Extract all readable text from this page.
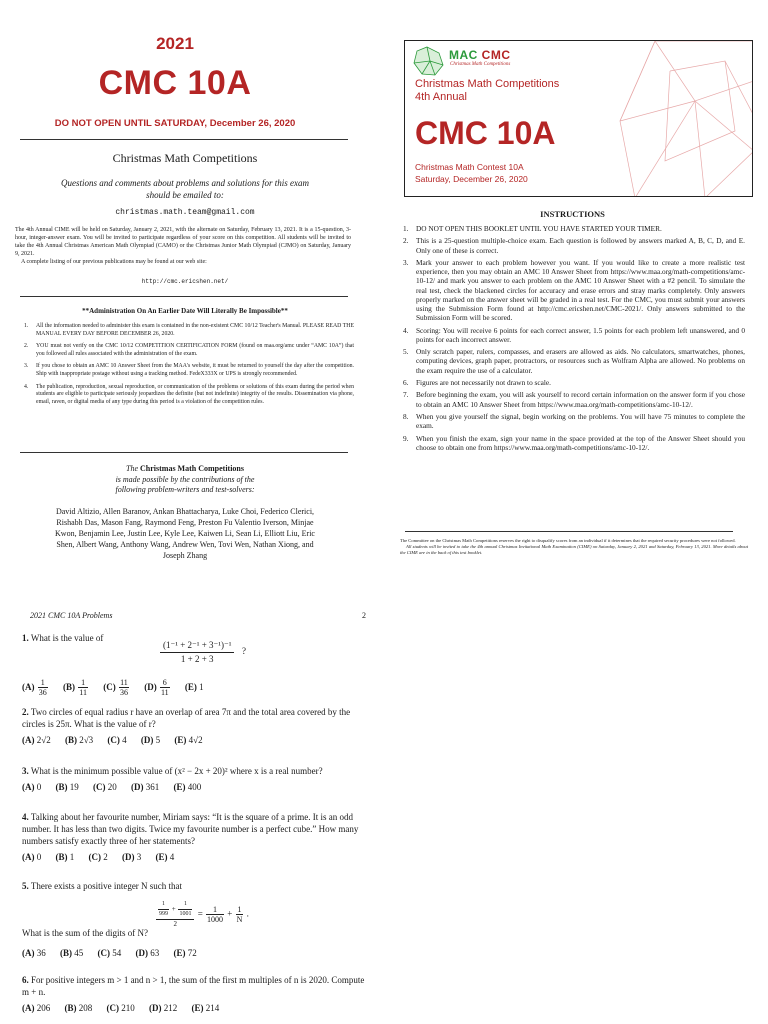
2021
CMC 10A
DO NOT OPEN UNTIL SATURDAY, December 26, 2020
Christmas Math Competitions
Questions and comments about problems and solutions for this exam should be emailed to:
christmas.math.team@gmail.com

The 4th Annual CIME will be held on Saturday, January 2, 2021, with the alternate on Saturday, February 13, 2021. It is a 15-question, 3-hour, integer-answer exam. You will be invited to participate regardless of your score on this competition. All students will be invited to take the 4th Annual Christmas American Math Olympiad (CAMO) or the Christmas Junior Math Olympiad (CJMO) on Saturday, January 9, 2021.

A complete listing of our previous publications may be found at our web site:

http://cmc.ericshen.net/
**Administration On An Earlier Date Will Literally Be Impossible**
1. All the information needed to administer this exam is contained in the non-existent CMC 10/12 Teacher's Manual. PLEASE READ THE MANUAL EVERY DAY BEFORE DECEMBER 26, 2020.
2. YOU must not verify on the CMC 10/12 COMPETITION CERTIFICATION FORM (found on maa.org/amc under “AMC 10A”) that you followed all rules associated with the administration of the exam.
3. If you chose to obtain an AMC 10 Answer Sheet from the MAA's website, it must be returned to yourself the day after the competition. Ship with inappropriate postage without using a tracking method. FedeX333X or UPS is strongly recommended.
4. The publication, reproduction, sexual reproduction, or communication of the problems or solutions of this exam during the period when students are eligible to participate seriously jeopardizes the definite (but not indefinite) integrity of the results. Dissemination via phone, email, raven, or digital media of any type during this period is a violation of the competition rules.
The Christmas Math Competitions
is made possible by the contributions of the
following problem-writers and test-solvers:
David Altizio, Allen Baranov, Ankan Bhattacharya, Luke Choi, Federico Clerici, Rishabh Das, Mason Fang, Raymond Feng, Preston Fu Valentio Iverson, Minjae Kwon, Benjamin Lee, Justin Lee, Kyle Lee, Kaiwen Li, Sean Li, Elliott Liu, Eric Shen, Albert Wang, Anthony Wang, Andrew Wen, Tovi Wen, Nathan Xiong, and Joseph Zhang
MAC CMC
Christmas Math Competitions
Christmas Math Competitions
4th Annual
CMC 10A
Christmas Math Contest 10A
Saturday, December 26, 2020
INSTRUCTIONS
1. DO NOT OPEN THIS BOOKLET UNTIL YOU HAVE STARTED YOUR TIMER.
2. This is a 25-question multiple-choice exam. Each question is followed by answers marked A, B, C, D, and E. Only one of these is correct.
3. Mark your answer to each problem however you want. If you would like to create a more realistic test experience, then you may obtain an AMC 10 Answer Sheet from https://www.maa.org/math-competitions/amc-10-12/ and mark you answer to each problem on the AMC 10 Answer Sheet with a #2 pencil. To simulate the real test, check the blackened circles for accuracy and erase errors and stray marks completely. Only answers properly marked on the answer sheet will be graded in a real test. For the CMC, you must submit your answers using the Submission Form found at http://cmc.ericshen.net/CMC-2021/. Only answers submitted to the Submission Form will be scored.
4. Scoring: You will receive 6 points for each correct answer, 1.5 points for each problem left unanswered, and 0 points for each incorrect answer.
5. Only scratch paper, rulers, compasses, and erasers are allowed as aids. No calculators, smartwatches, phones, computing devices, graph paper, protractors, or resources such as Wolfram Alpha are allowed. No problems on the exam require the use of a calculator.
6. Figures are not necessarily not drawn to scale.
7. Before beginning the exam, you will ask yourself to record certain information on the answer form if you chose to obtain an AMC 10 Answer Sheet from https://www.maa.org/math-competitions/amc-10-12/.
8. When you give yourself the signal, begin working on the problems. You will have 75 minutes to complete the exam.
9. When you finish the exam, sign your name in the space provided at the top of the Answer Sheet should you choose to obtain one from https://www.maa.org/math-competitions/amc-10-12/.

The Committee on the Christmas Math Competitions reserves the right to disqualify scores from an individual if it determines that the required security procedures were not followed.

All students will be invited to take the 4th annual Christmas Invitational Math Examination (CIME) on Saturday, January 2, 2021 and Saturday, February 13, 2021. More details about the CIME are in the back of this test booklet.

2021 CMC 10A Problems	2
1. What is the value of
(1⁻¹ + 2⁻¹ + 3⁻¹)⁻¹
1 + 2 + 3
?
$(A) \frac{1}{36} (B) \frac{1}{11} (C) \frac{11}{36} (D) \frac{6}{11} (E)$ 1
2. Two circles of equal radius r have an overlap of area 7π and the total area covered by the circles is 25π. What is the value of r?
(A) 2√2 (B) 2√3 (C) 4 (D) 5 (E) 4√2
3. What is the minimum possible value of (x² − 2x + 20)² where x is a real number?
(A) 0 (B) 19 (C) 20 (D) 361 (E) 400
4. Talking about her favourite number, Miriam says: “It is the square of a prime. It is an odd number. It has less than two digits. Twice my favourite number is a perfect cube.” How many numbers satisfy exactly three of her statements?
(A) 0 (B) 1 (C) 2 (D) 3 (E) 4
5. There exists a positive integer N such that
$\frac{\frac{1}{999} + \frac{1}{1001}}{2} = \frac{1}{1000} + \frac{1}{N}$ .
What is the sum of the digits of N?
(A) 36 (B) 45 (C) 54 (D) 63 (E) 72
6. For positive integers m > 1 and n > 1, the sum of the first m multiples of n is 2020. Compute m + n.
(A) 206 (B) 208 (C) 210 (D) 212 (E) 214
